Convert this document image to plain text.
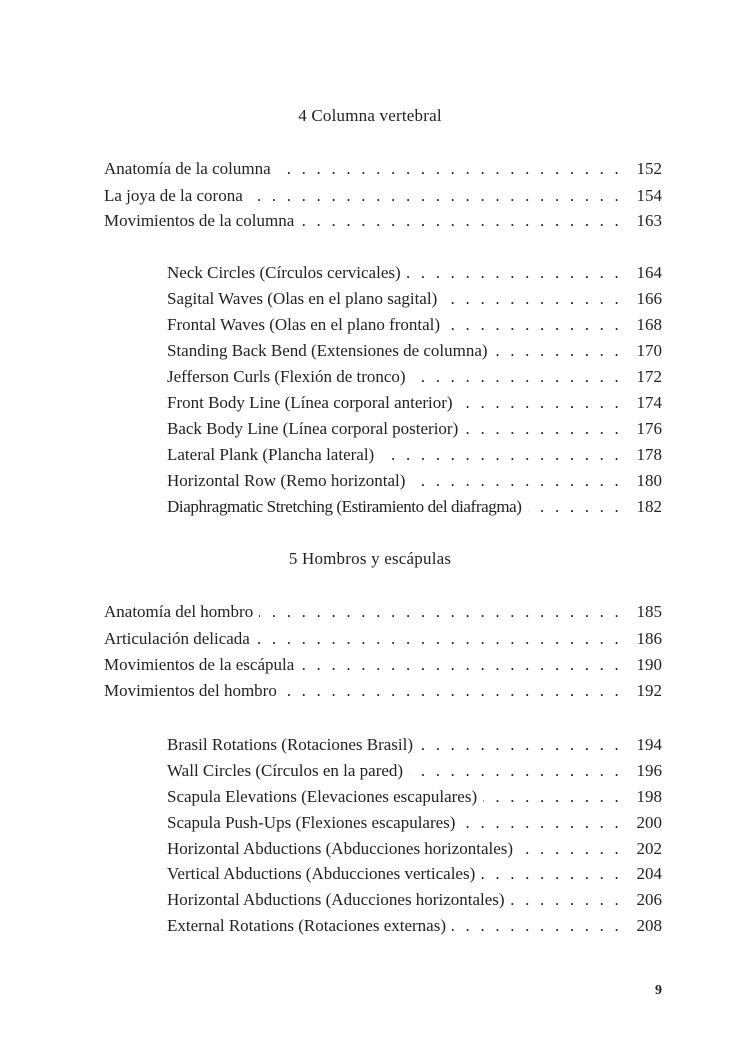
4 Columna vertebral
Anatomía de la columna . . .	152
La joya de la corona . . .	154
Movimientos de la columna . . .	163
Neck Circles (Círculos cervicales) . . .	164
Sagital Waves (Olas en el plano sagital) . . .	166
Frontal Waves (Olas en el plano frontal) . . .	168
Standing Back Bend (Extensiones de columna) . . .	170
Jefferson Curls (Flexión de tronco) . . .	172
Front Body Line (Línea corporal anterior) . . .	174
Back Body Line (Línea corporal posterior) . . .	176
Lateral Plank (Plancha lateral) . . .	178
Horizontal Row (Remo horizontal) . . .	180
Diaphragmatic Stretching (Estiramiento del diafragma) . . .	182
5 Hombros y escápulas
Anatomía del hombro . . .	185
Articulación delicada . . .	186
Movimientos de la escápula . . .	190
Movimientos del hombro . . .	192
Brasil Rotations (Rotaciones Brasil) . . .	194
Wall Circles (Círculos en la pared) . . .	196
Scapula Elevations (Elevaciones escapulares) . . .	198
Scapula Push-Ups (Flexiones escapulares) . . .	200
Horizontal Abductions (Abducciones horizontales) . . .	202
Vertical Abductions (Abducciones verticales) . . .	204
Horizontal Abductions (Aducciones horizontales) . . .	206
External Rotations (Rotaciones externas) . . .	208
9
